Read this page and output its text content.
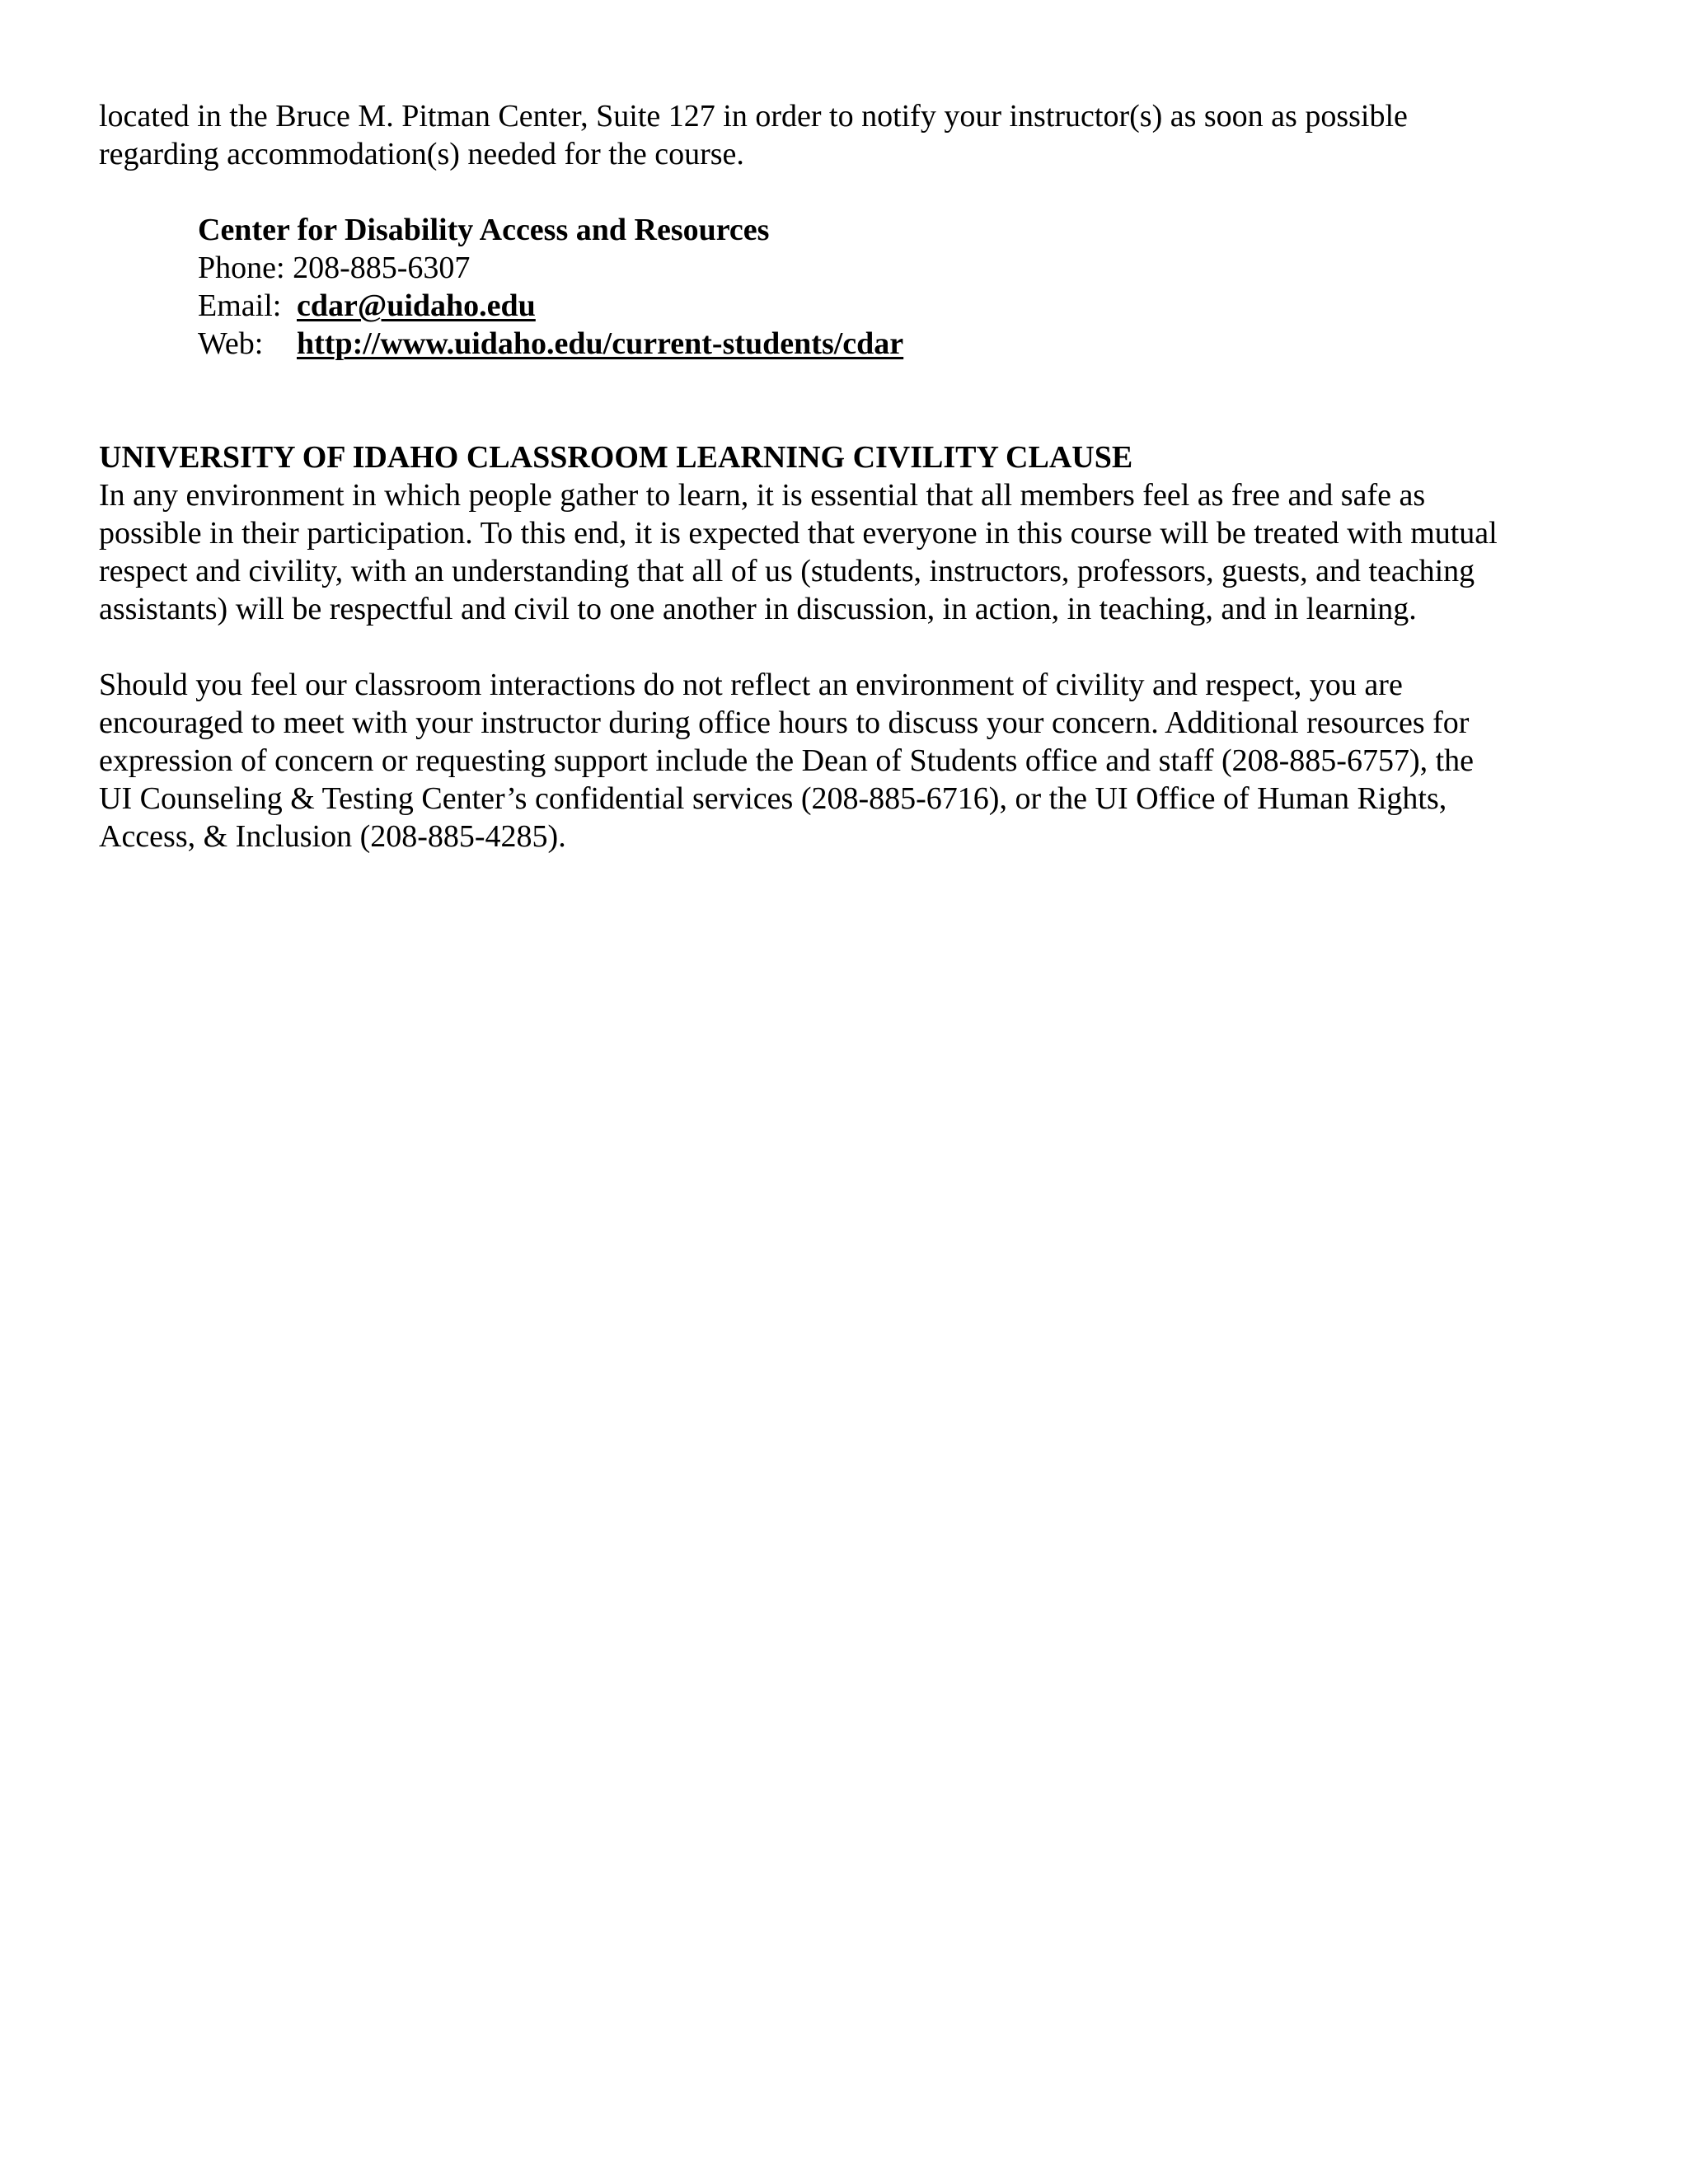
located in the Bruce M. Pitman Center, Suite 127 in order to notify your instructor(s) as soon as possible
regarding accommodation(s) needed for the course.

Center for Disability Access and Resources
Phone: 208-885-6307
Email: cdar@uidaho.edu
Web: http://www.uidaho.edu/current-students/cdar
UNIVERSITY OF IDAHO CLASSROOM LEARNING CIVILITY CLAUSE

In any environment in which people gather to learn, it is essential that all members feel as free and safe as
possible in their participation. To this end, it is expected that everyone in this course will be treated with mutual
respect and civility, with an understanding that all of us (students, instructors, professors, guests, and teaching
assistants) will be respectful and civil to one another in discussion, in action, in teaching, and in learning.

Should you feel our classroom interactions do not reflect an environment of civility and respect, you are
encouraged to meet with your instructor during office hours to discuss your concern. Additional resources for
expression of concern or requesting support include the Dean of Students office and staff (208-885-6757), the
UI Counseling & Testing Center’s confidential services (208-885-6716), or the UI Office of Human Rights,
Access, & Inclusion (208-885-4285).
